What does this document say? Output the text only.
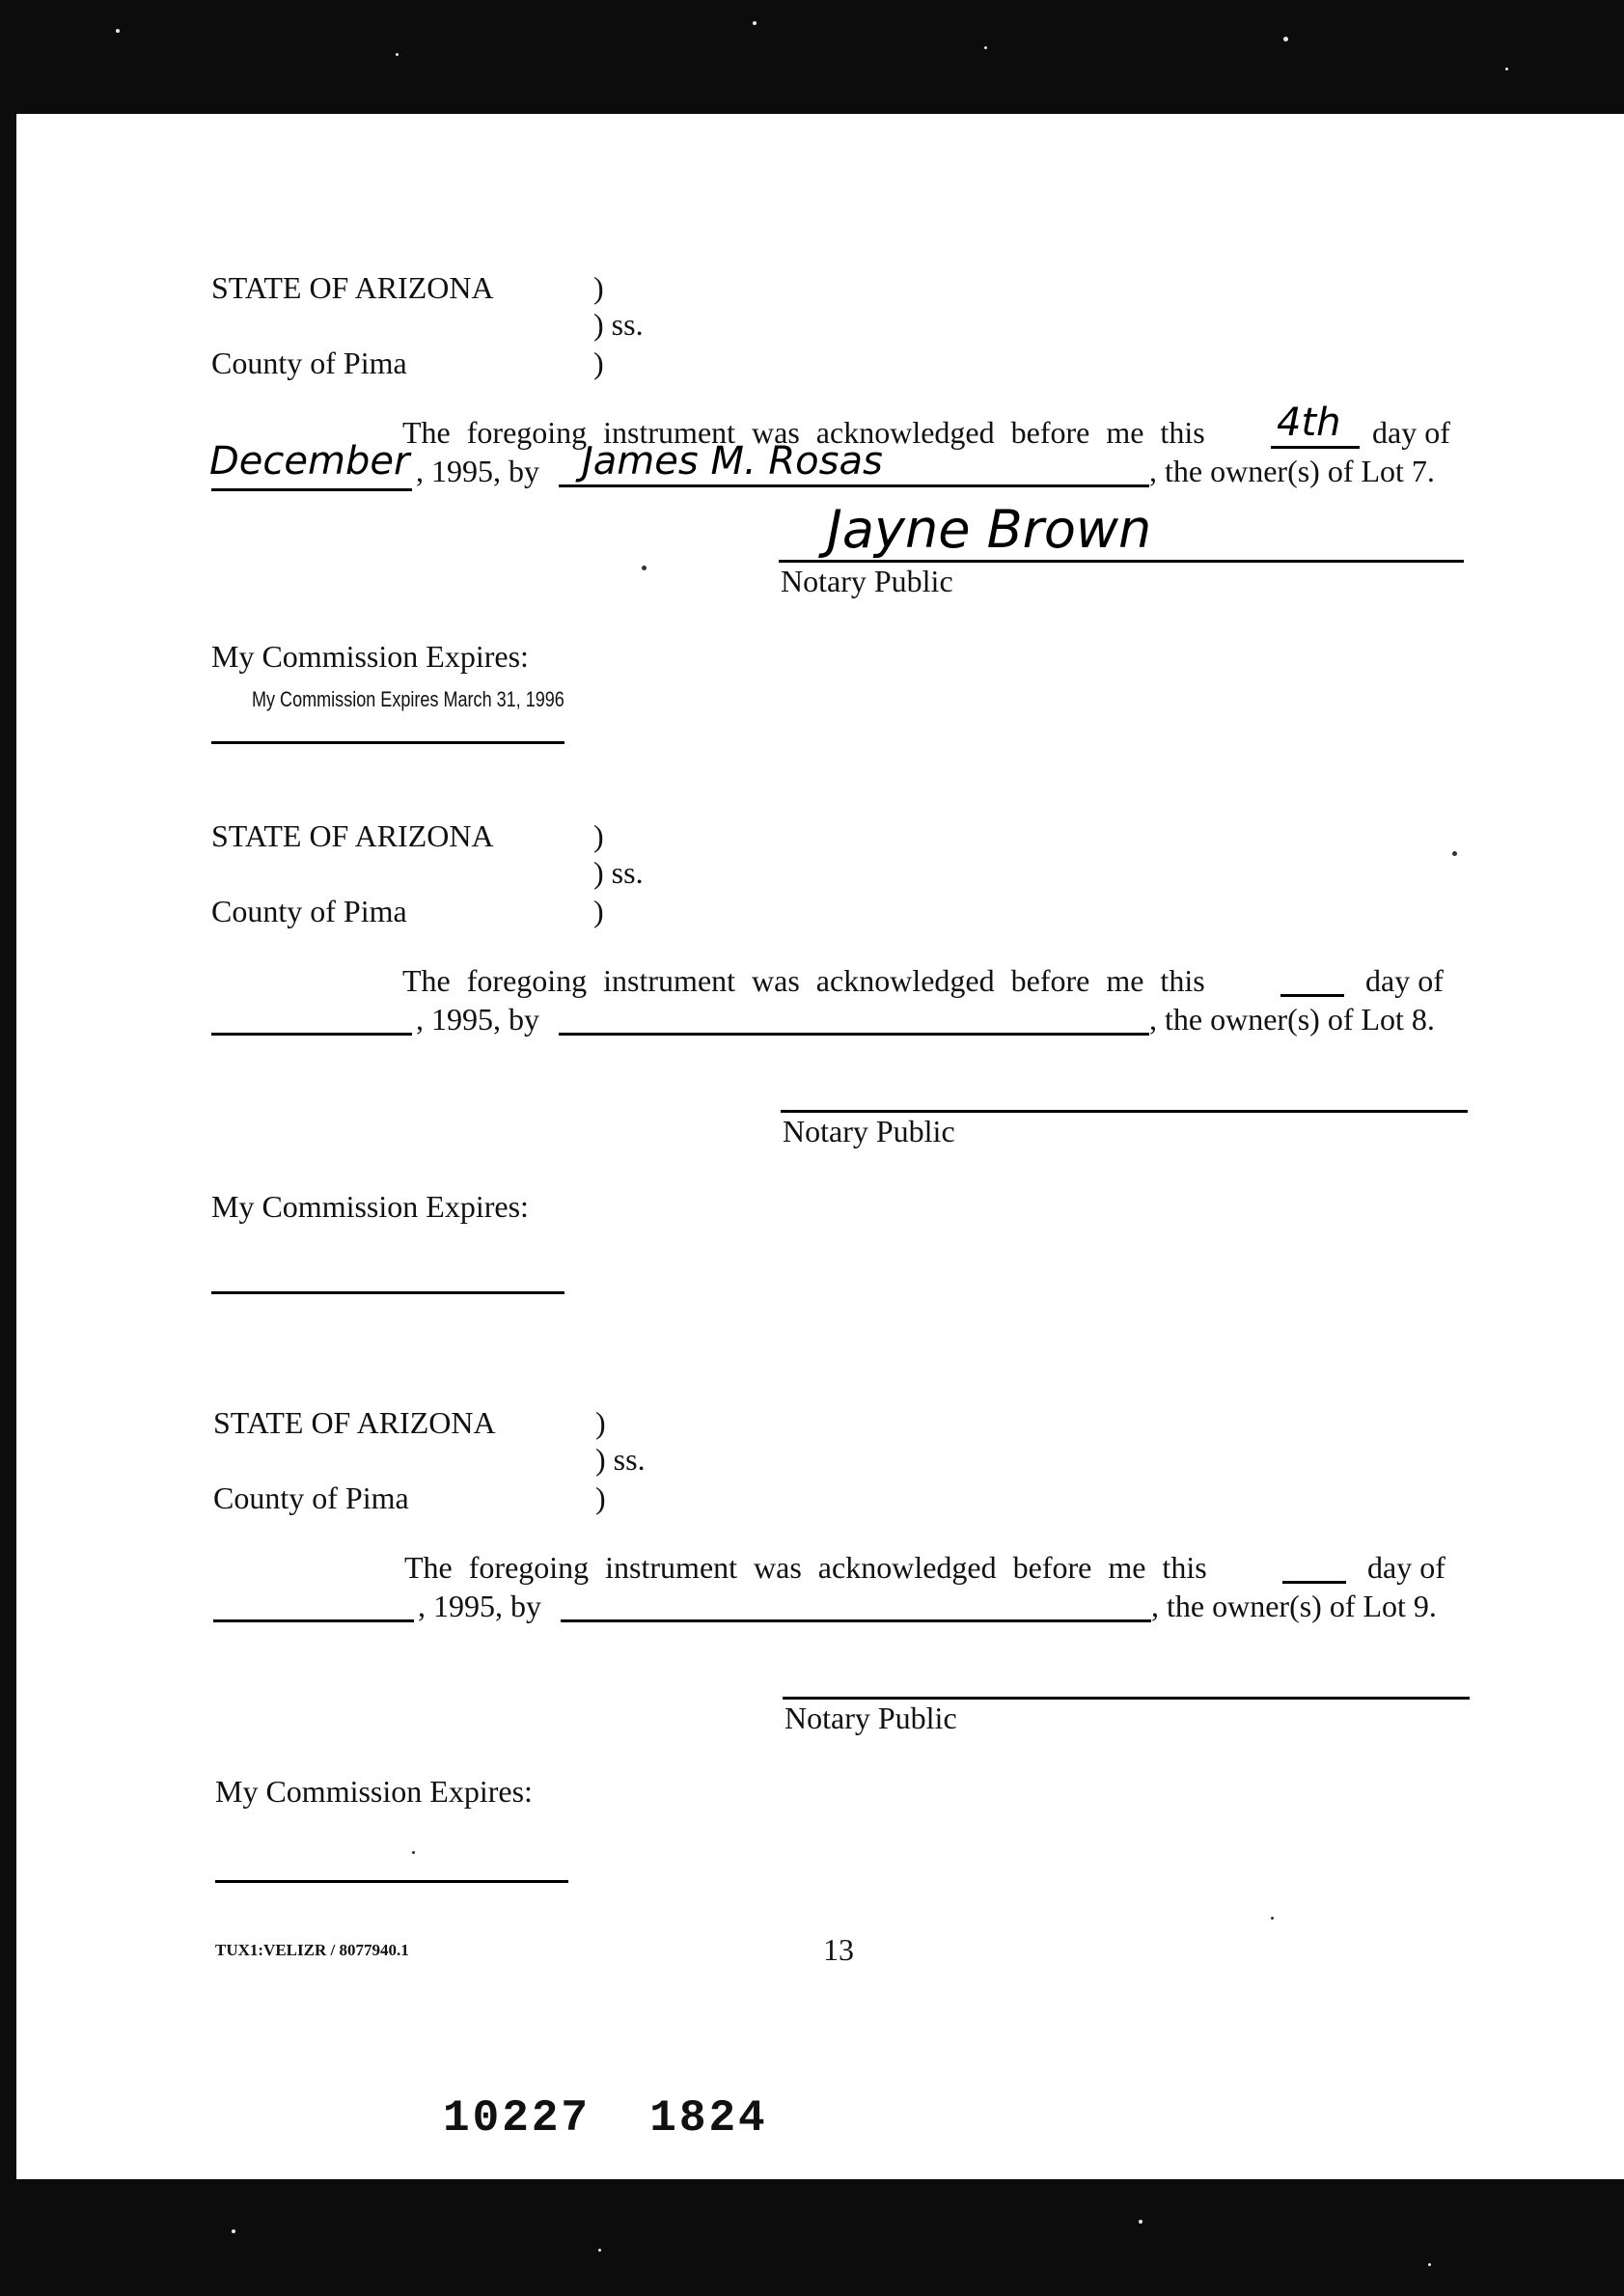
STATE OF ARIZONA	)
) ss.
County of Pima	)
The foregoing instrument was acknowledged before me this 4th day of
December , 1995, by James M. Rosas	, the owner(s) of Lot 7.
Jayne Brown
Notary Public
My Commission Expires:
My Commission Expires March 31, 1996
STATE OF ARIZONA	)
) ss.
County of Pima	)
The foregoing instrument was acknowledged before me this	day of
, 1995, by	, the owner(s) of Lot 8.
Notary Public
My Commission Expires:
STATE OF ARIZONA	)
) ss.
County of Pima	)
The foregoing instrument was acknowledged before me this	day of
, 1995, by	, the owner(s) of Lot 9.
Notary Public
My Commission Expires:
TUX1:VELIZR / 8077940.1	13
10227  1824
